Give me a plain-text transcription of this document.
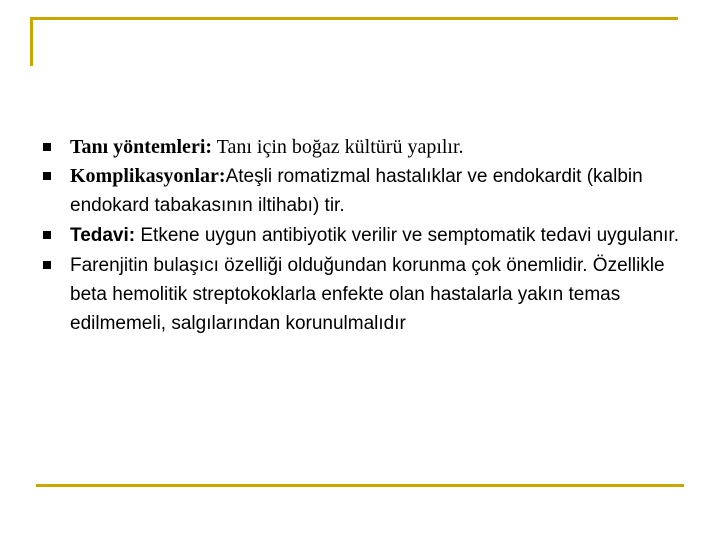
Tanı yöntemleri: Tanı için boğaz kültürü yapılır.
Komplikasyonlar:Ateşli romatizmal hastalıklar ve endokardit (kalbin endokard tabakasının iltihabı) tir.
Tedavi: Etkene uygun antibiyotik verilir ve semptomatik tedavi uygulanır.
Farenjitin bulaşıcı özelliği olduğundan korunma çok önemlidir. Özellikle beta hemolitik streptokoklarla enfekte olan hastalarla yakın temas edilmemeli, salgılarından korunulmalıdır
